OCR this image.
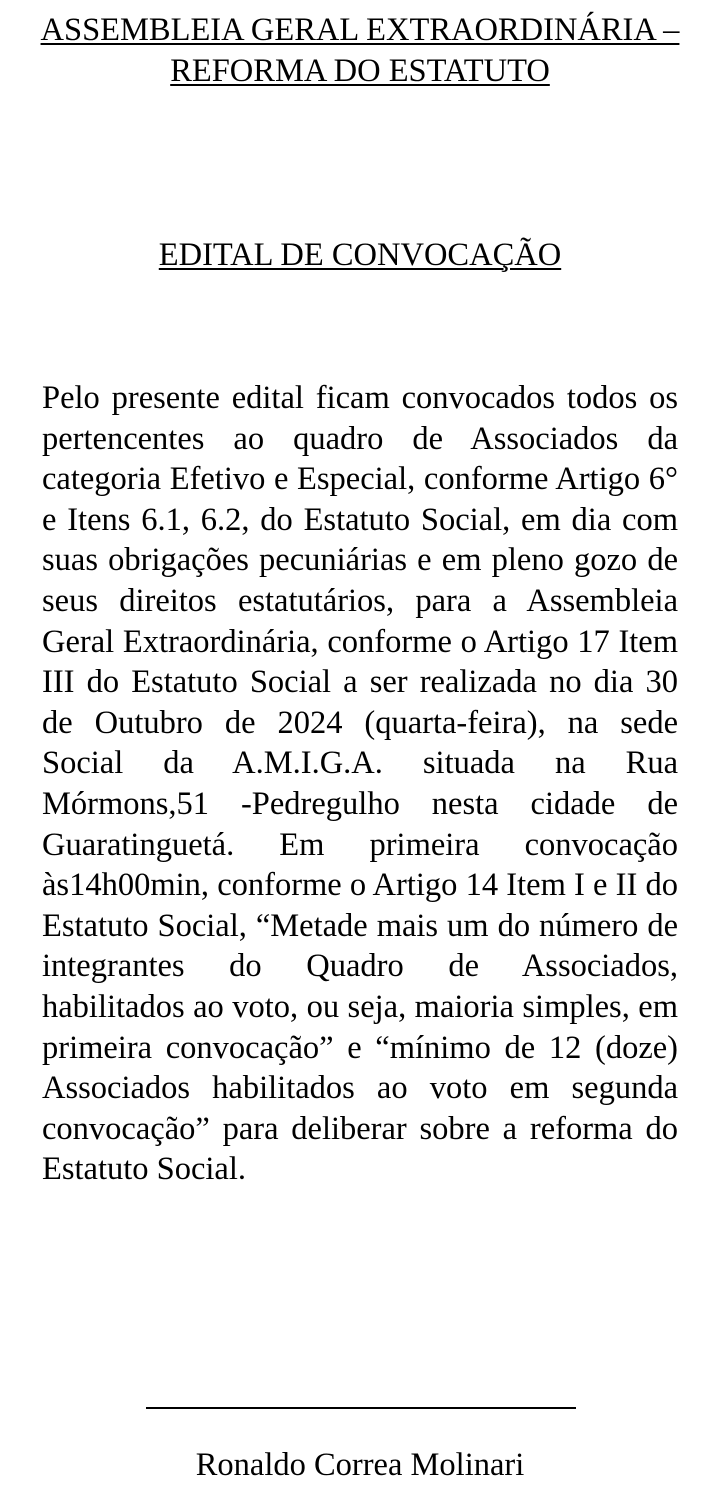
ASSEMBLEIA GERAL EXTRAORDINÁRIA – REFORMA DO ESTATUTO
EDITAL DE CONVOCAÇÃO

Pelo presente edital ficam convocados todos os pertencentes ao quadro de Associados da categoria Efetivo e Especial, conforme Artigo 6° e Itens 6.1, 6.2, do Estatuto Social, em dia com suas obrigações pecuniárias e em pleno gozo de seus direitos estatutários, para a Assembleia Geral Extraordinária, conforme o Artigo 17 Item III do Estatuto Social a ser realizada no dia 30 de Outubro de 2024 (quarta-feira), na sede Social da A.M.I.G.A. situada na Rua Mórmons,51 -Pedregulho nesta cidade de Guaratinguetá. Em primeira convocação às14h00min, conforme o Artigo 14 Item I e II do Estatuto Social, “Metade mais um do número de integrantes do Quadro de Associados, habilitados ao voto, ou seja, maioria simples, em primeira convocação” e “mínimo de 12 (doze) Associados habilitados ao voto em segunda convocação” para deliberar sobre a reforma do Estatuto Social.

Ronaldo Correa Molinari
